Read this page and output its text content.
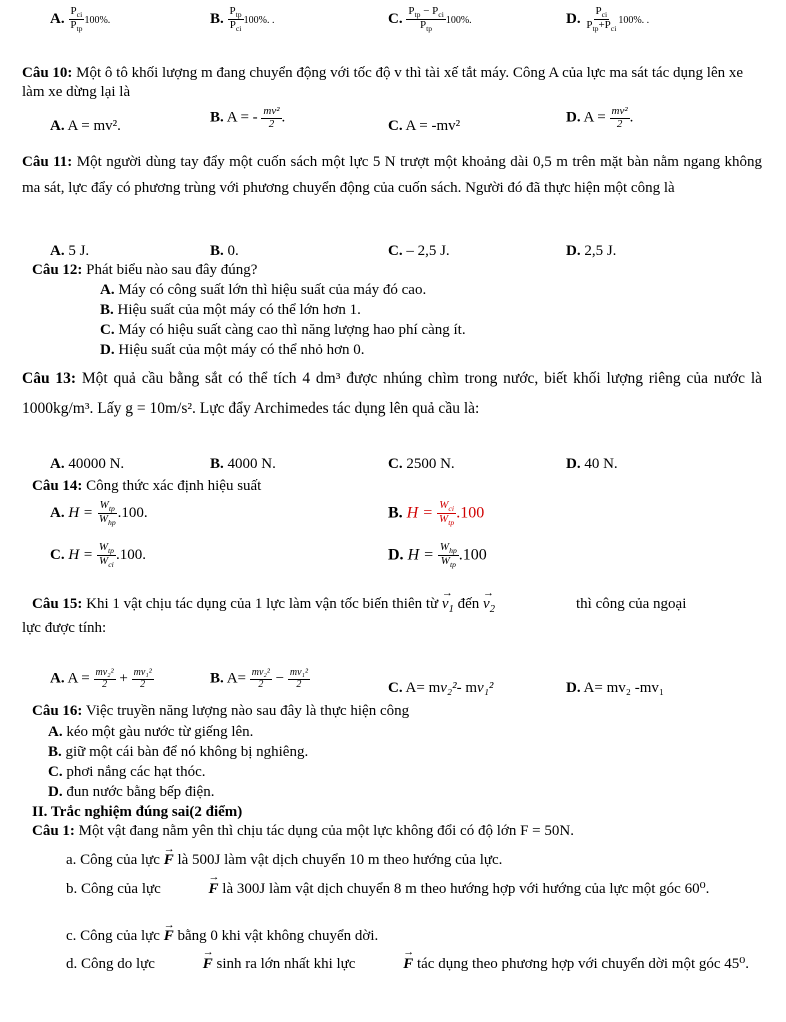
A. $\frac{P_{ci}}{P_{tp}} 100\%$.	B. $\frac{P_{tp}}{P_{ci}} 100\%$. .	C. $\frac{P_{tp} - P_{ci}}{P_{tp}} 100\%$.	D. $\frac{P_{ci}}{P_{tp}+P_{ci}} 100\%$. .
Câu 10: Một ô tô khối lượng m đang chuyển động với tốc độ v thì tài xế tắt máy. Công A của lực ma sát tác dụng lên xe làm xe dừng lại là
A. A = mv².
B. A = - $\frac{\text{mv²}}{2}$ .
C. A = -mv²
D. $A = \frac{\text{mv²}}{2}$ .
Câu 11: Một người dùng tay đẩy một cuốn sách một lực 5 N trượt một khoảng dài 0,5 m trên mặt bàn nằm ngang không ma sát, lực đẩy có phương trùng với phương chuyển động của cuốn sách. Người đó đã thực hiện một công là
A. 5 J.	B. 0.	C. – 2,5 J.	D. 2,5 J.
Câu 12: Phát biểu nào sau đây đúng?
A. Máy có công suất lớn thì hiệu suất của máy đó cao.
B. Hiệu suất của một máy có thể lớn hơn 1.
C. Máy có hiệu suất càng cao thì năng lượng hao phí càng ít.
D. Hiệu suất của một máy có thể nhỏ hơn 0.
Câu 13: Một quả cầu bằng sắt có thể tích 4 dm³ được nhúng chìm trong nước, biết khối lượng riêng của nước là 1000kg/m³. Lấy g = 10m/s². Lực đẩy Archimedes tác dụng lên quả cầu là:
A. 40000 N.	B. 4000 N.	C. 2500 N.	D. 40 N.
Câu 14: Công thức xác định hiệu suất
A. $H = \frac{W_{tp}}{W_{hp}} .100$.	B. $H = \frac{W_{ci}}{W_{tp}} .100$
C. $H = \frac{W_{tp}}{W_{ci}} .100$.	D. $H = \frac{W_{hp}}{W_{tp}} .100$
Câu 15: Khi 1 vật chịu tác dụng của 1 lực làm vận tốc biến thiên từ
→
$v_1$ đến
→
$v_2$	thì công của ngoại
lực được tính:
A. $A = \frac{\text{mv₂²}}{2} + \frac{\text{mv₁²}}{2}$	B. $A= \frac{\text{mv₂²}}{2} - \frac{\text{mv₁²}}{2}$	C. A= mv₂²- mv₁²	D. A= mv₂ -mv₁
Câu 16: Việc truyền năng lượng nào sau đây là thực hiện công
A. kéo một gàu nước từ giếng lên.
B. giữ một cái bàn để nó không bị nghiêng.
C. phơi nắng các hạt thóc.
D. đun nước bằng bếp điện.
II. Trắc nghiệm đúng sai(2 điểm)
Câu 1: Một vật đang nằm yên thì chịu tác dụng của một lực không đổi có độ lớn F = 50N.
a. Công của lực
→
F là 500J làm vật dịch chuyển 10 m theo hướng của lực.
b. Công của lực
→
F là 300J làm vật dịch chuyển 8 m theo hướng hợp với hướng của lực một góc 60⁰.
c. Công của lực
→
F bằng 0 khi vật không chuyển dời.
d. Công do lực
→
F sinh ra lớn nhất khi lực
→
F tác dụng theo phương hợp với chuyển dời một góc 45⁰.
